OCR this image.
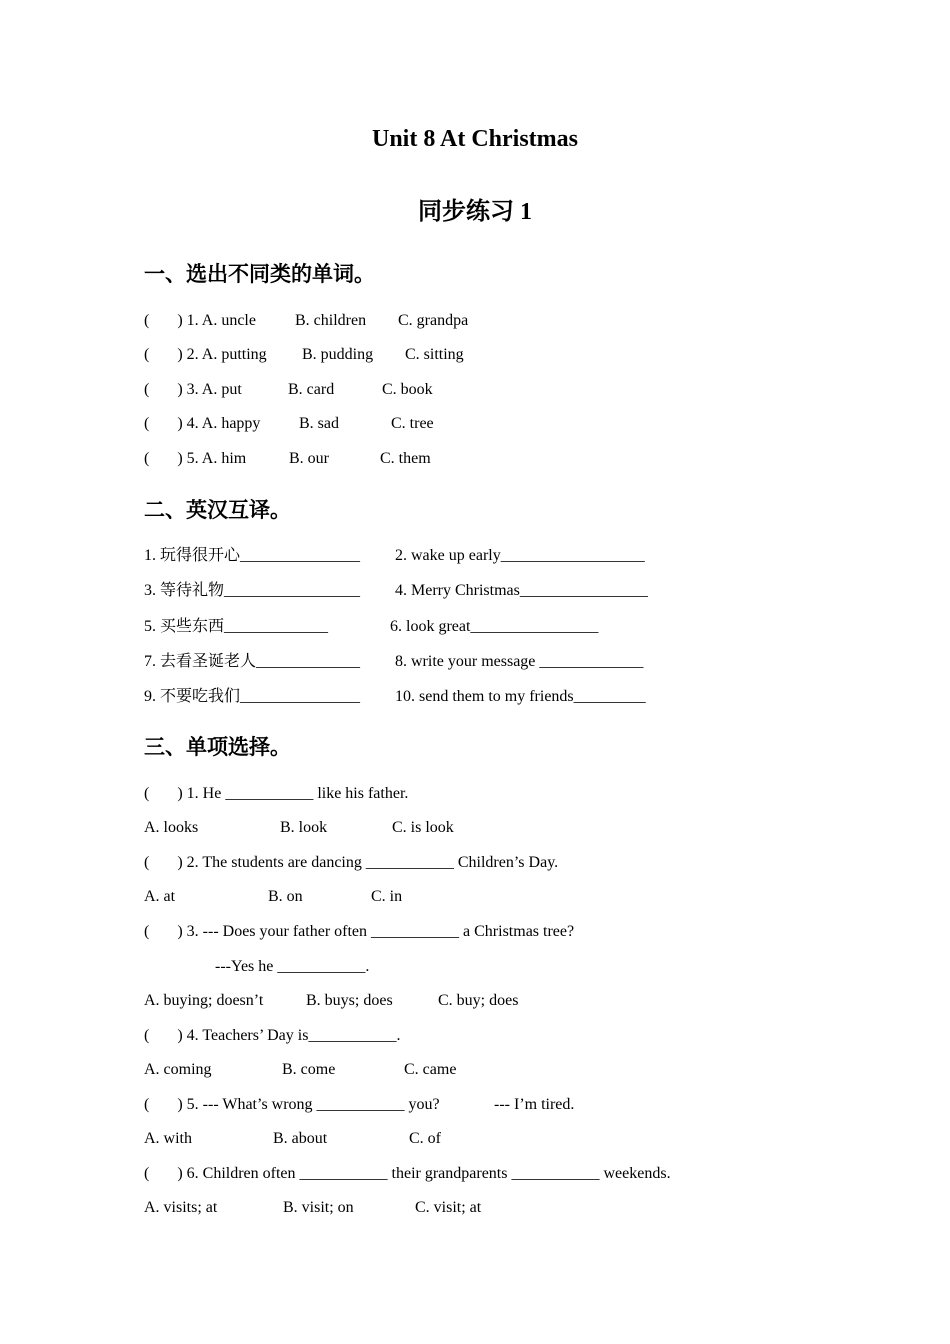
Unit 8 At Christmas
同步练习 1
一、选出不同类的单词。
(       ) 1. A. uncle B. children C. grandpa
(       ) 2. A. putting B. pudding C. sitting
(       ) 3. A. put	B. card	C. book
(       ) 4. A. happy B. sad	C. tree
(       ) 5. A. him	B. our	C. them
二、英汉互译。
1. 玩得很开心_______________ 2. wake up early__________________
3. 等待礼物_________________ 4. Merry Christmas________________
5. 买些东西_____________	6. look great________________
7. 去看圣诞老人_____________ 8. write your message _____________
9. 不要吃我们_______________ 10. send them to my friends_________
三、单项选择。
(       ) 1. He ___________ like his father.
A. looks	B. look	C. is look
(       ) 2. The students are dancing ___________ Children’s Day.
A. at	B. on	C. in
(       ) 3. --- Does your father often ___________ a Christmas tree?
---Yes he ___________.
A. buying; doesn’t	B. buys; does	C. buy; does
(       ) 4. Teachers’ Day is___________.
A. coming	B. come	C. came
(       ) 5. --- What’s wrong ___________ you?	--- I’m tired.
A. with	B. about	C. of
(       ) 6. Children often ___________ their grandparents ___________ weekends.
A. visits; at	B. visit; on	C. visit; at
